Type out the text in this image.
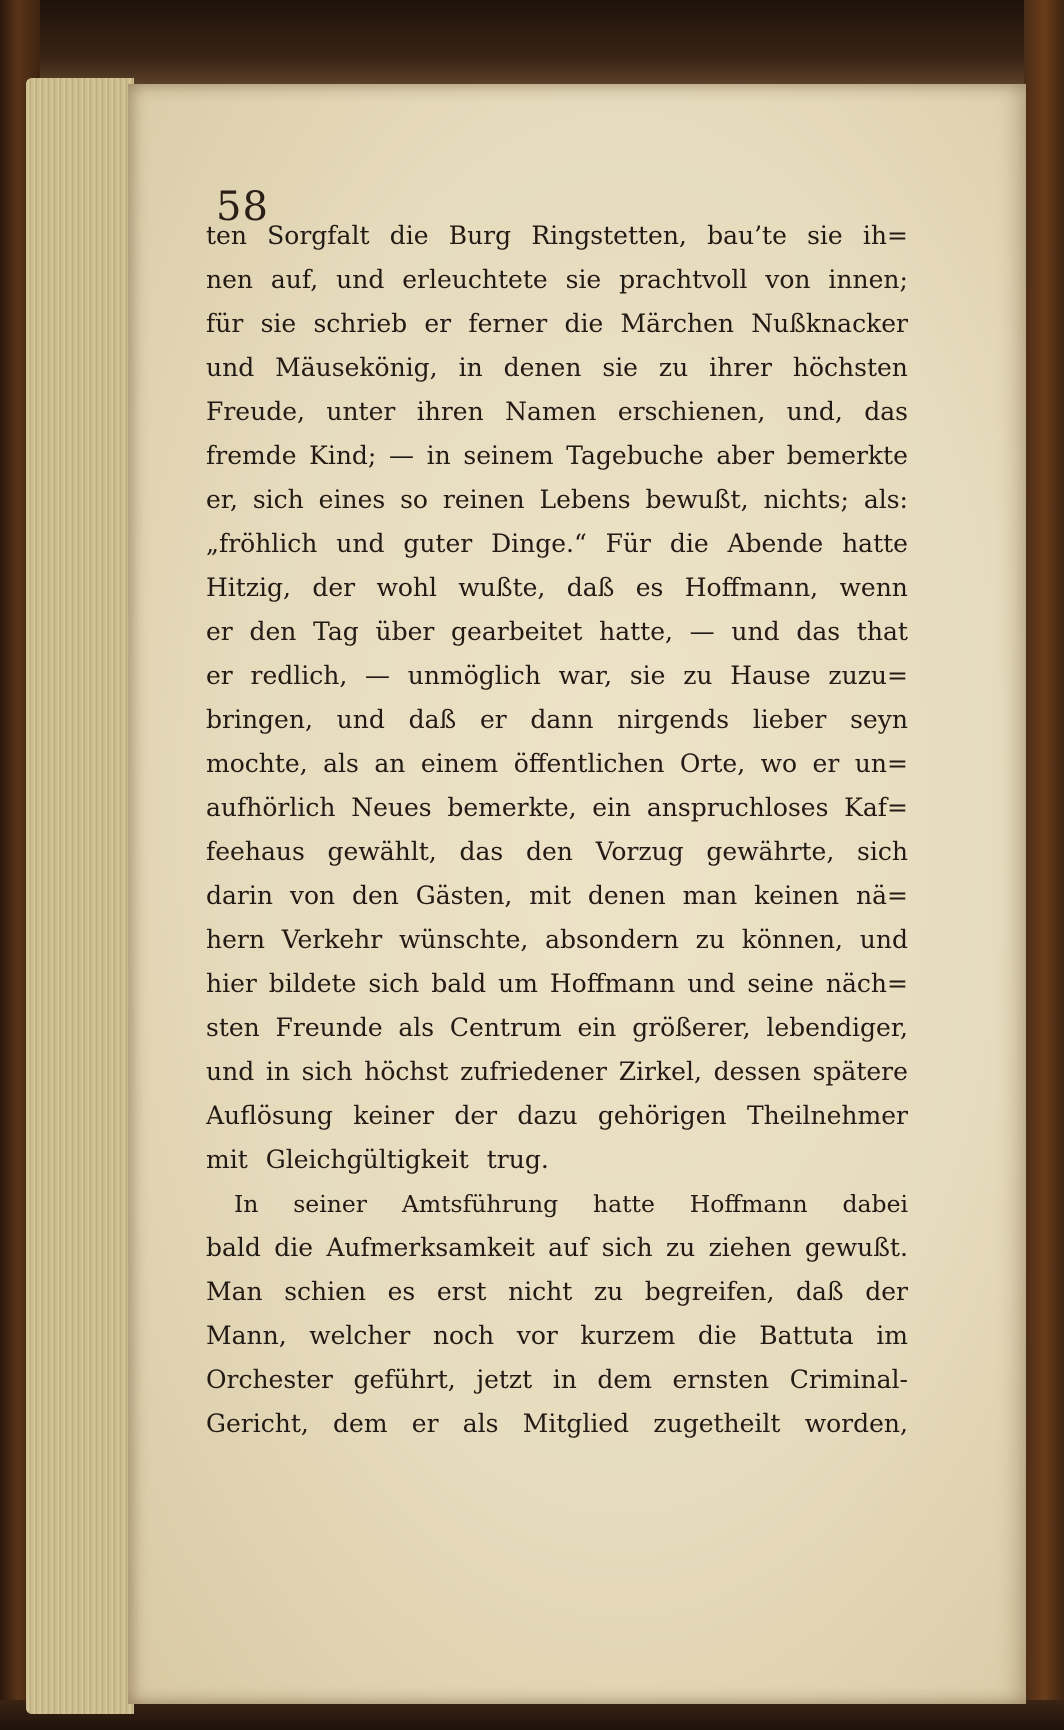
58

ten Sorgfalt die Burg Ringstetten, bau’te sie ih=
nen auf, und erleuchtete sie prachtvoll von innen;
für sie schrieb er ferner die Märchen Nußknacker
und Mäusekönig, in denen sie zu ihrer höchsten
Freude, unter ihren Namen erschienen, und, das
fremde Kind; — in seinem Tagebuche aber bemerkte
er, sich eines so reinen Lebens bewußt, nichts; als:
„fröhlich und guter Dinge.“ Für die Abende hatte
Hitzig, der wohl wußte, daß es Hoffmann, wenn
er den Tag über gearbeitet hatte, — und das that
er redlich, — unmöglich war, sie zu Hause zuzu=
bringen, und daß er dann nirgends lieber seyn
mochte, als an einem öffentlichen Orte, wo er un=
aufhörlich Neues bemerkte, ein anspruchloses Kaf=
feehaus gewählt, das den Vorzug gewährte, sich
darin von den Gästen, mit denen man keinen nä=
hern Verkehr wünschte, absondern zu können, und
hier bildete sich bald um Hoffmann und seine näch=
sten Freunde als Centrum ein größerer, lebendiger,
und in sich höchst zufriedener Zirkel, dessen spätere
Auflösung keiner der dazu gehörigen Theilnehmer
mit Gleichgültigkeit trug.
In seiner Amtsführung hatte Hoffmann dabei
bald die Aufmerksamkeit auf sich zu ziehen gewußt.
Man schien es erst nicht zu begreifen, daß der
Mann, welcher noch vor kurzem die Battuta im
Orchester geführt, jetzt in dem ernsten Criminal-
Gericht, dem er als Mitglied zugetheilt worden,
